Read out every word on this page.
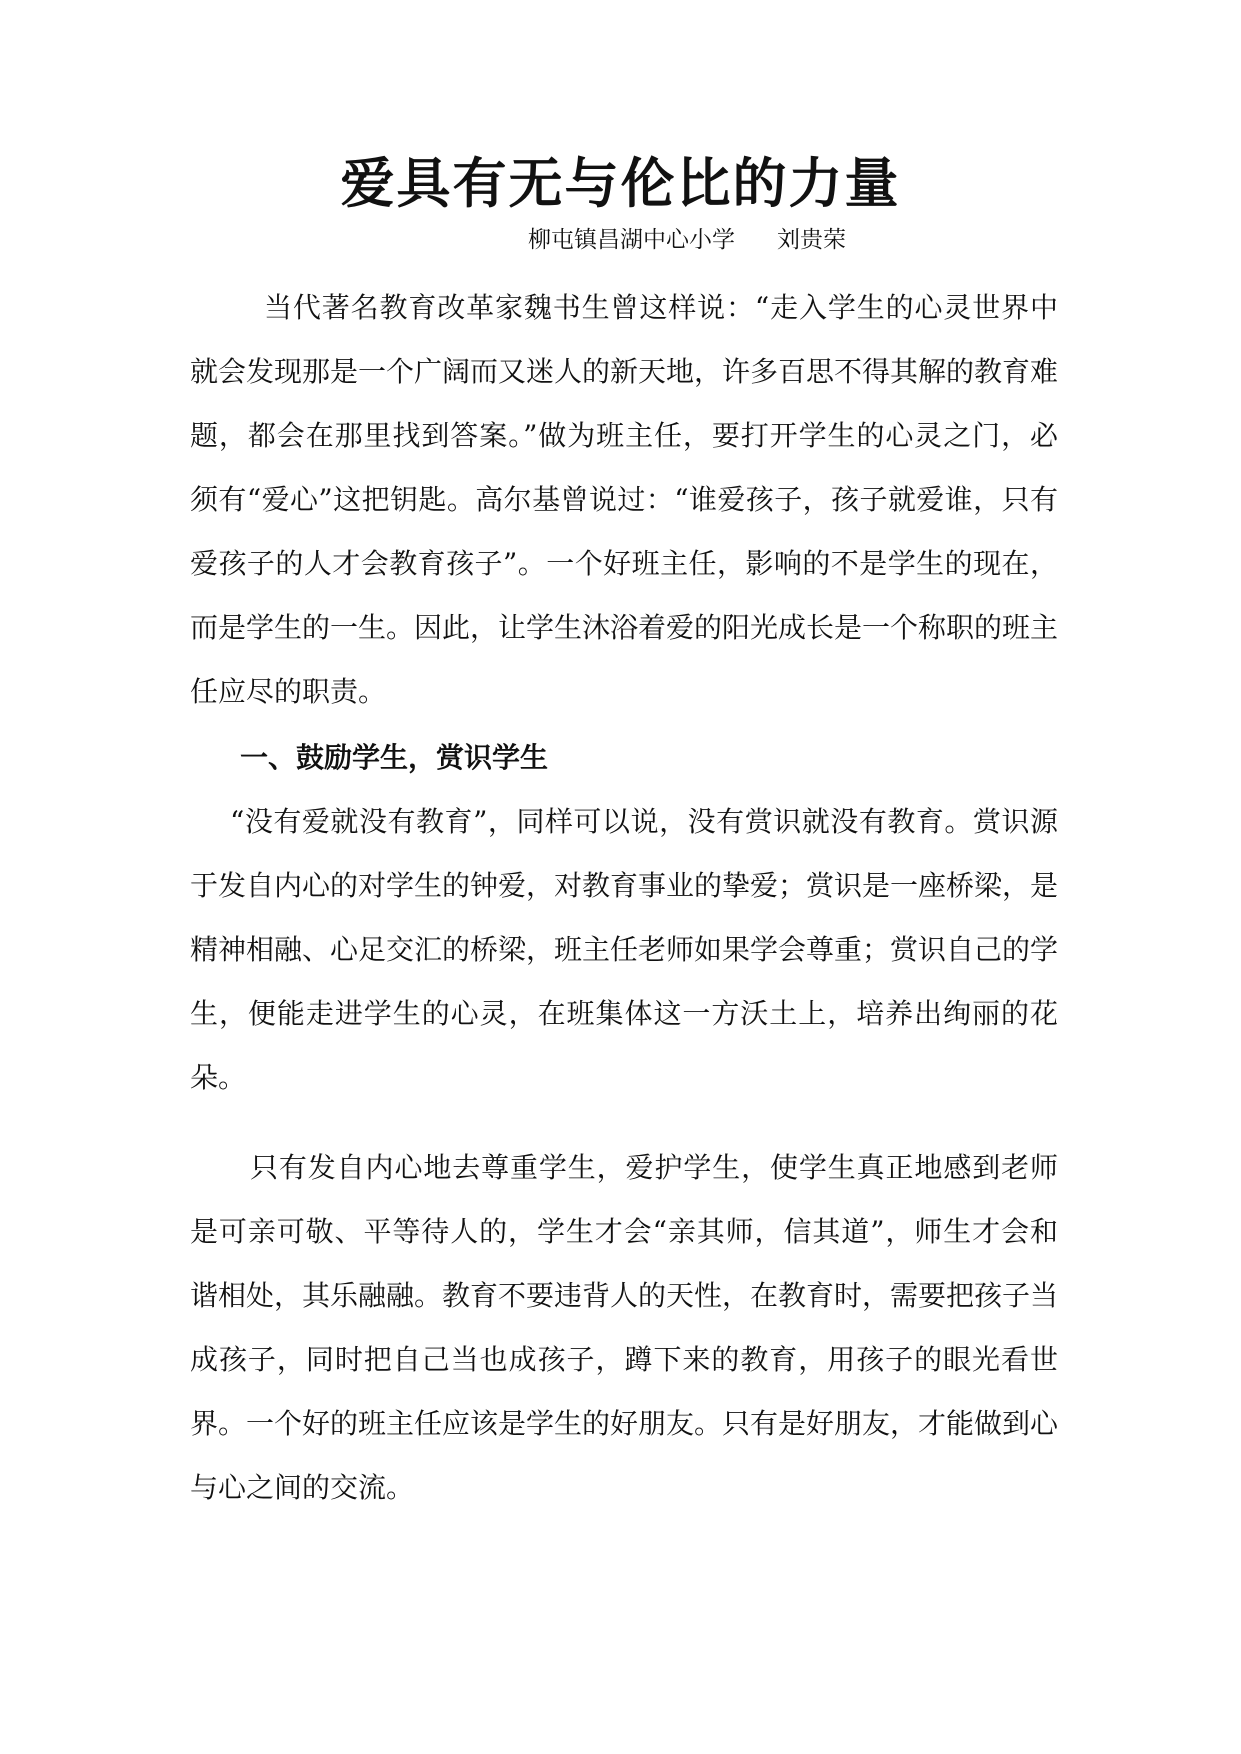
爱具有无与伦比的力量
柳屯镇昌湖中心小学 刘贵荣

当代著名教育改革家魏书生曾这样说：“走入学生的心灵世界中就会发现那是一个广阔而又迷人的新天地，许多百思不得其解的教育难题，都会在那里找到答案。”做为班主任，要打开学生的心灵之门，必须有“爱心”这把钥匙。高尔基曾说过：“谁爱孩子，孩子就爱谁，只有爱孩子的人才会教育孩子”。一个好班主任，影响的不是学生的现在，而是学生的一生。因此，让学生沐浴着爱的阳光成长是一个称职的班主任应尽的职责。

一、鼓励学生，赏识学生

“没有爱就没有教育”，同样可以说，没有赏识就没有教育。赏识源于发自内心的对学生的钟爱，对教育事业的挚爱；赏识是一座桥梁，是精神相融、心足交汇的桥梁，班主任老师如果学会尊重；赏识自己的学生，便能走进学生的心灵，在班集体这一方沃土上，培养出绚丽的花朵。

只有发自内心地去尊重学生，爱护学生，使学生真正地感到老师是可亲可敬、平等待人的，学生才会“亲其师，信其道”，师生才会和谐相处，其乐融融。教育不要违背人的天性，在教育时，需要把孩子当成孩子，同时把自己当也成孩子，蹲下来的教育，用孩子的眼光看世界。一个好的班主任应该是学生的好朋友。只有是好朋友，才能做到心与心之间的交流。
